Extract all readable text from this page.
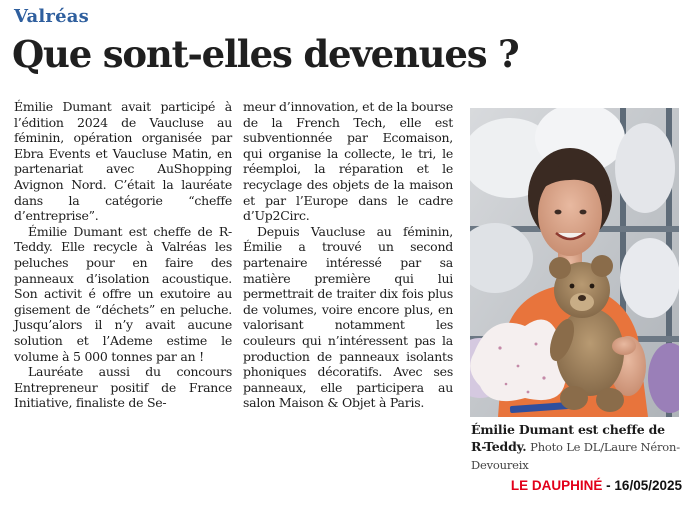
Valréas
Que sont-elles devenues ?

Émilie Dumant avait participé à l’édition 2024 de Vaucluse au féminin, opération organisée par Ebra Events et Vaucluse Matin, en partenariat avec AuShopping Avignon Nord. C’était la lauréate dans la catégorie “cheffe d’entreprise”.

Émilie Dumant est cheffe de R-Teddy. Elle recycle à Valréas les peluches pour en faire des panneaux d’isolation acoustique. Son activit é offre un exutoire au gisement de “déchets” en peluche. Jusqu’alors il n’y avait aucune solution et l’Ademe estime le volume à 5 000 tonnes par an !

Lauréate aussi du concours Entrepreneur positif de France Initiative, finaliste de Se-

meur d’innovation, et de la bourse de la French Tech, elle est subventionnée par Ecomaison, qui organise la collecte, le tri, le réemploi, la réparation et le recyclage des objets de la maison et par l’Europe dans le cadre d’Up2Circ.

Depuis Vaucluse au féminin, Émilie a trouvé un second partenaire intéressé par sa matière première qui lui permettrait de traiter dix fois plus de volumes, voire encore plus, en valorisant notamment les couleurs qui n’intéressent pas la production de panneaux isolants phoniques décoratifs. Avec ses panneaux, elle participera au salon Maison & Objet à Paris.

Émilie Dumant est cheffe de R-Teddy. Photo Le DL/Laure Néron-Devoureix
LE DAUPHINÉ - 16/05/2025
